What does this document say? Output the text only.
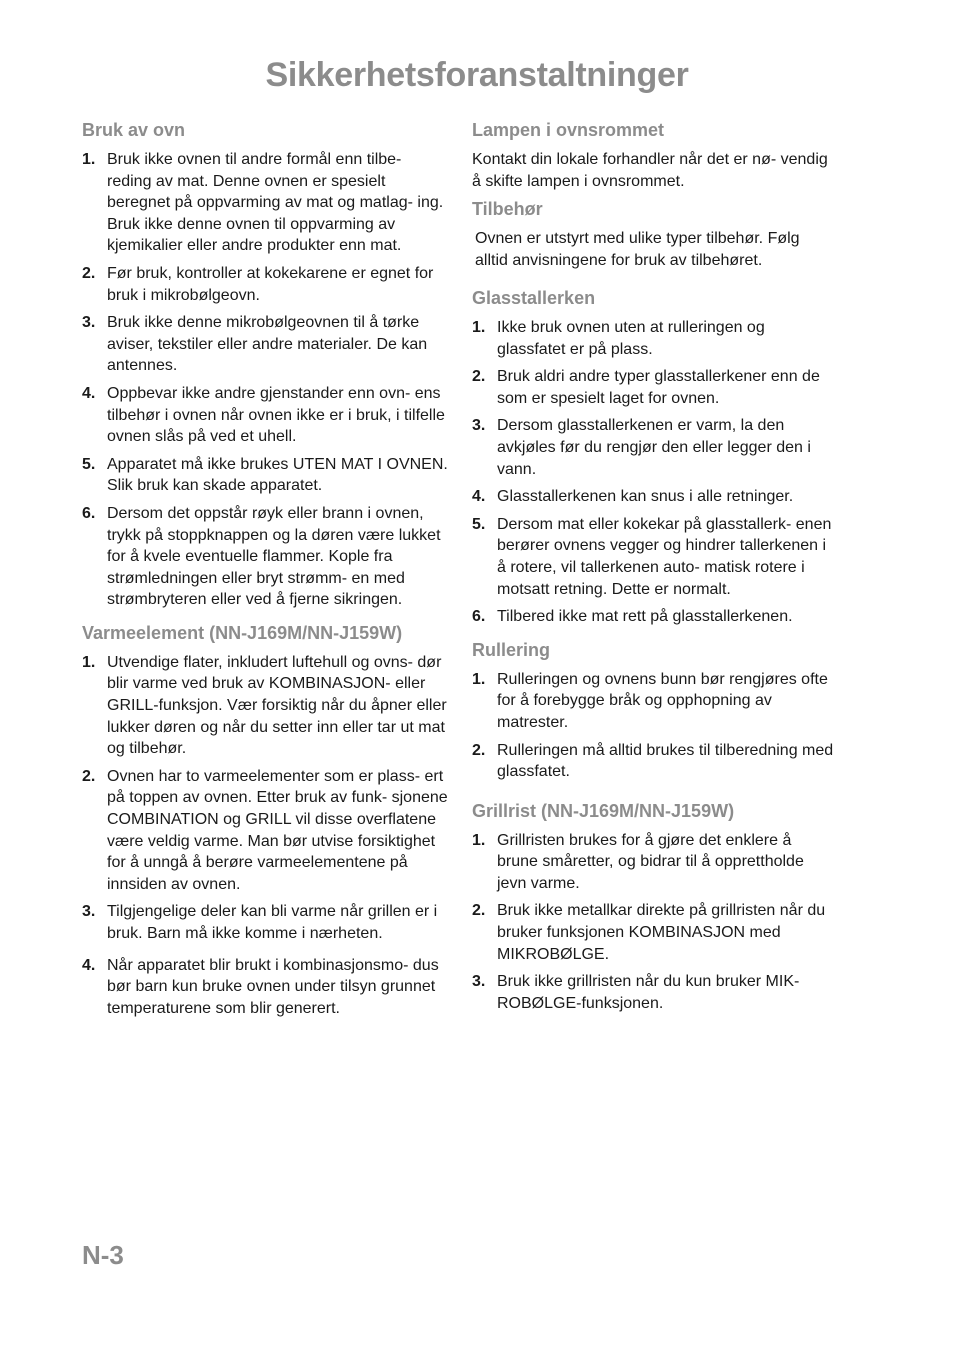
Sikkerhetsforanstaltninger
Bruk av ovn
1. Bruk ikke ovnen til andre formål enn tilbe- reding av mat. Denne ovnen er spesielt beregnet på oppvarming av mat og matlag- ing. Bruk ikke denne ovnen til oppvarming av kjemikalier eller andre produkter enn mat.
2. Før bruk, kontroller at kokekarene er egnet for bruk i mikrobølgeovn.
3. Bruk ikke denne mikrobølgeovnen til å tørke aviser, tekstiler eller andre materialer. De kan antennes.
4. Oppbevar ikke andre gjenstander enn ovn- ens tilbehør i ovnen når ovnen ikke er i bruk, i tilfelle ovnen slås på ved et uhell.
5. Apparatet må ikke brukes UTEN MAT I OVNEN. Slik bruk kan skade apparatet.
6. Dersom det oppstår røyk eller brann i ovnen, trykk på stoppknappen og la døren være lukket for å kvele eventuelle flammer. Kople fra strømledningen eller bryt strømm- en med strømbryteren eller ved å fjerne sikringen.
Varmeelement (NN-J169M/NN-J159W)
1. Utvendige flater, inkludert luftehull og ovns- dør blir varme ved bruk av KOMBINASJON- eller GRILL-funksjon. Vær forsiktig når du åpner eller lukker døren og når du setter inn eller tar ut mat og tilbehør.
2. Ovnen har to varmeelementer som er plass- ert på toppen av ovnen. Etter bruk av funk- sjonene COMBINATION og GRILL vil disse overflatene være veldig varme. Man bør utvise forsiktighet for å unngå å berøre varmeelementene på innsiden av ovnen.
3. Tilgjengelige deler kan bli varme når grillen er i bruk. Barn må ikke komme i nærheten.
4. Når apparatet blir brukt i kombinasjonsmo- dus bør barn kun bruke ovnen under tilsyn grunnet temperaturene som blir generert.
Lampen i ovnsrommet

Kontakt din lokale forhandler når det er nø- vendig å skifte lampen i ovnsrommet.

Tilbehør

Ovnen er utstyrt med ulike typer tilbehør. Følg alltid anvisningene for bruk av tilbehøret.

Glasstallerken
1. Ikke bruk ovnen uten at rulleringen og glassfatet er på plass.
2. Bruk aldri andre typer glasstallerkener enn de som er spesielt laget for ovnen.
3. Dersom glasstallerkenen er varm, la den avkjøles før du rengjør den eller legger den i vann.
4. Glasstallerkenen kan snus i alle retninger.
5. Dersom mat eller kokekar på glasstallerk- enen berører ovnens vegger og hindrer tallerkenen i å rotere, vil tallerkenen auto- matisk rotere i motsatt retning. Dette er normalt.
6. Tilbered ikke mat rett på glasstallerkenen.
Rullering
1. Rulleringen og ovnens bunn bør rengjøres ofte for å forebygge bråk og opphopning av matrester.
2. Rulleringen må alltid brukes til tilberedning med glassfatet.
Grillrist (NN-J169M/NN-J159W)
1. Grillristen brukes for å gjøre det enklere å brune småretter, og bidrar til å opprettholde jevn varme.
2. Bruk ikke metallkar direkte på grillristen når du bruker funksjonen KOMBINASJON med MIKROBØLGE.
3. Bruk ikke grillristen når du kun bruker MIK- ROBØLGE-funksjonen.

N-3
